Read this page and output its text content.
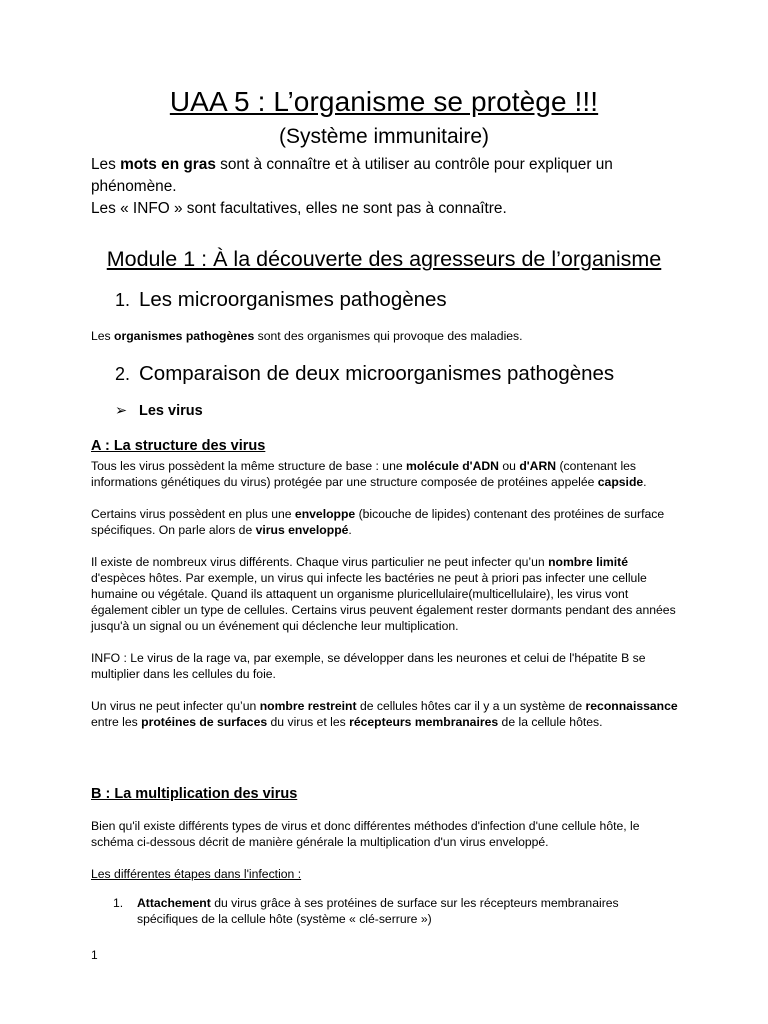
UAA 5 : L’organisme se protège !!!
(Système immunitaire)

Les mots en gras sont à connaître et à utiliser au contrôle pour expliquer un phénomène.

Les « INFO » sont facultatives, elles ne sont pas à connaître.

Module 1 : À la découverte des agresseurs de l’organisme
1. Les microorganismes pathogènes

Les organismes pathogènes sont des organismes qui provoque des maladies.

2. Comparaison de deux microorganismes pathogènes
➢ Les virus
A : La structure des virus

Tous les virus possèdent la même structure de base : une molécule d'ADN ou d'ARN (contenant les informations génétiques du virus) protégée par une structure composée de protéines appelée capside.

Certains virus possèdent en plus une enveloppe (bicouche de lipides) contenant des protéines de surface spécifiques. On parle alors de virus enveloppé.

Il existe de nombreux virus différents. Chaque virus particulier ne peut infecter qu’un nombre limité d'espèces hôtes. Par exemple, un virus qui infecte les bactéries ne peut à priori pas infecter une cellule humaine ou végétale. Quand ils attaquent un organisme pluricellulaire(multicellulaire), les virus vont également cibler un type de cellules. Certains virus peuvent également rester dormants pendant des années jusqu'à un signal ou un événement qui déclenche leur multiplication.

INFO : Le virus de la rage va, par exemple, se développer dans les neurones et celui de l'hépatite B se multiplier dans les cellules du foie.

Un virus ne peut infecter qu’un nombre restreint de cellules hôtes car il y a un système de reconnaissance entre les protéines de surfaces du virus et les récepteurs membranaires de la cellule hôtes.

B : La multiplication des virus

Bien qu'il existe différents types de virus et donc différentes méthodes d'infection d'une cellule hôte, le schéma ci-dessous décrit de manière générale la multiplication d'un virus enveloppé.

Les différentes étapes dans l'infection :

1.	Attachement du virus grâce à ses protéines de surface sur les récepteurs membranaires spécifiques de la cellule hôte (système « clé-serrure »)
1
